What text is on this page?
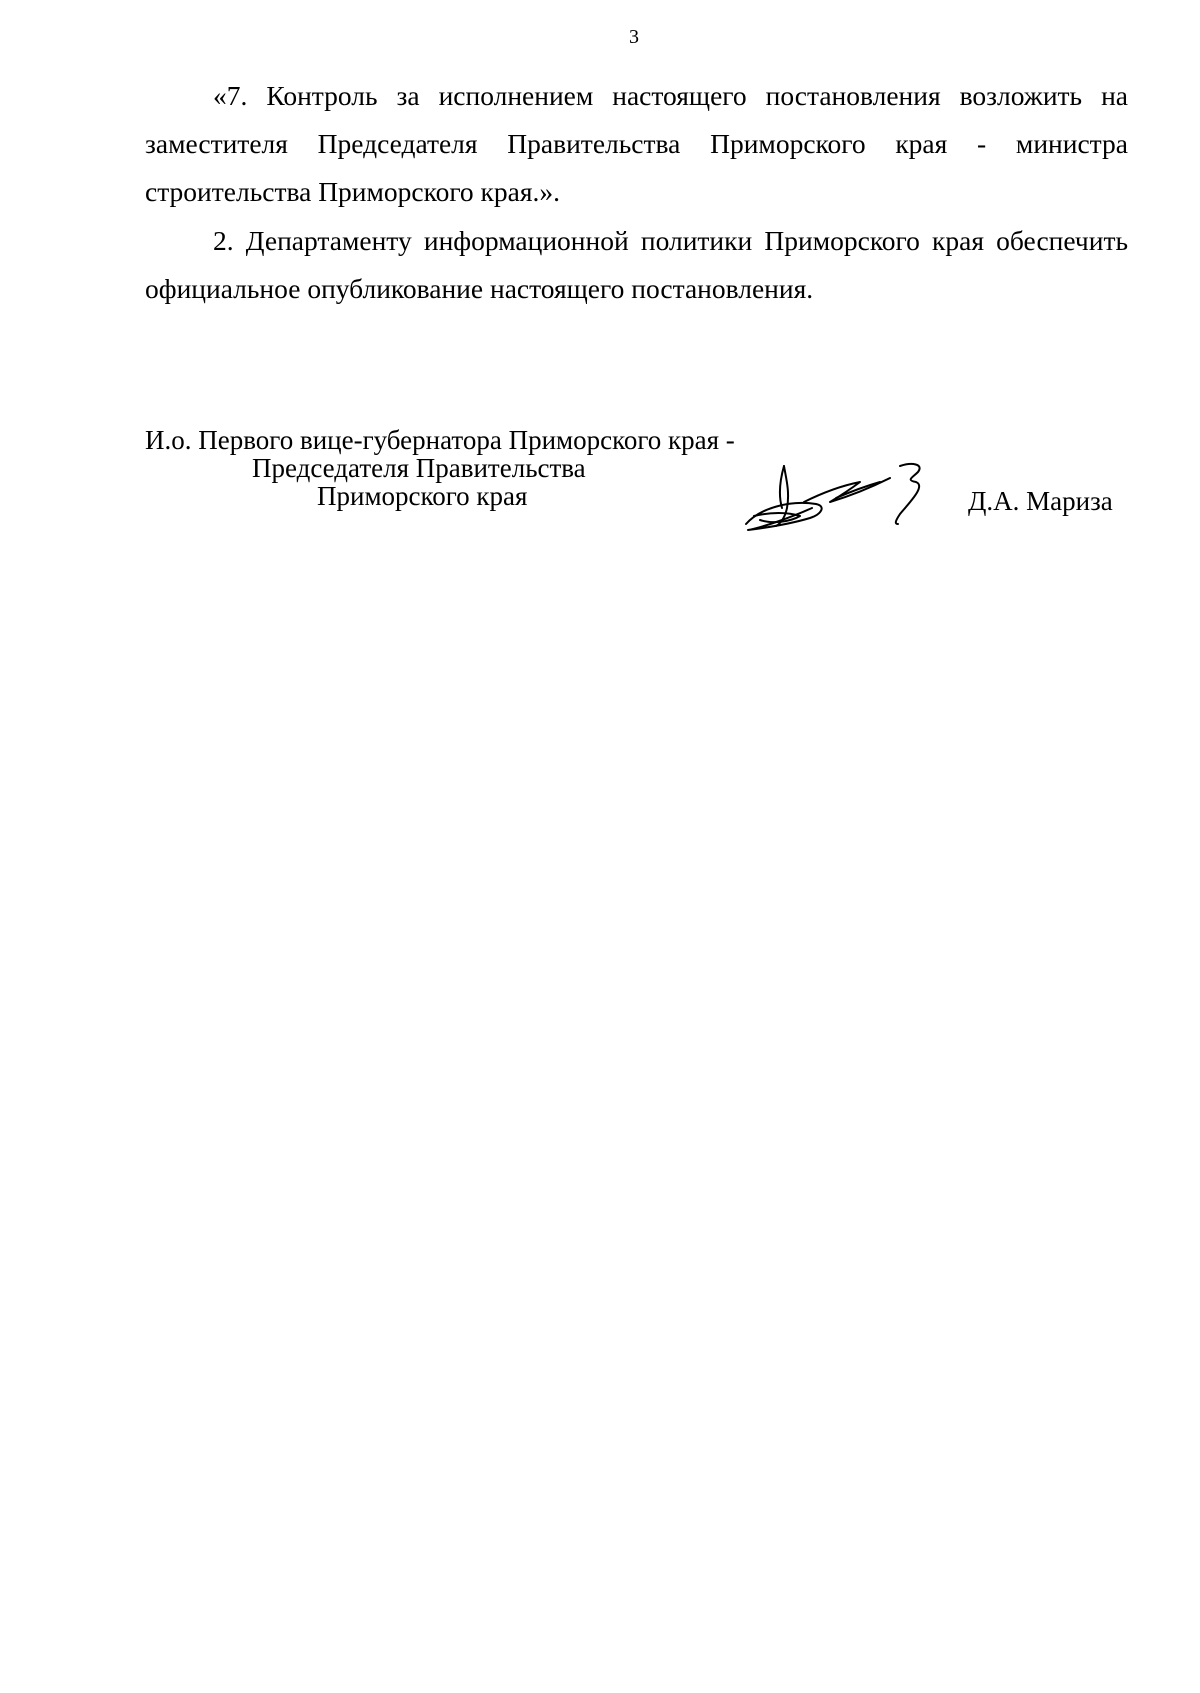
3

«7. Контроль за исполнением настоящего постановления возложить на заместителя Председателя Правительства Приморского края - министра строительства Приморского края.».

2. Департаменту информационной политики Приморского края обеспечить официальное опубликование настоящего постановления.

И.о. Первого вице-губернатора Приморского края -
Председателя Правительства
Приморского края	Д.А. Мариза
